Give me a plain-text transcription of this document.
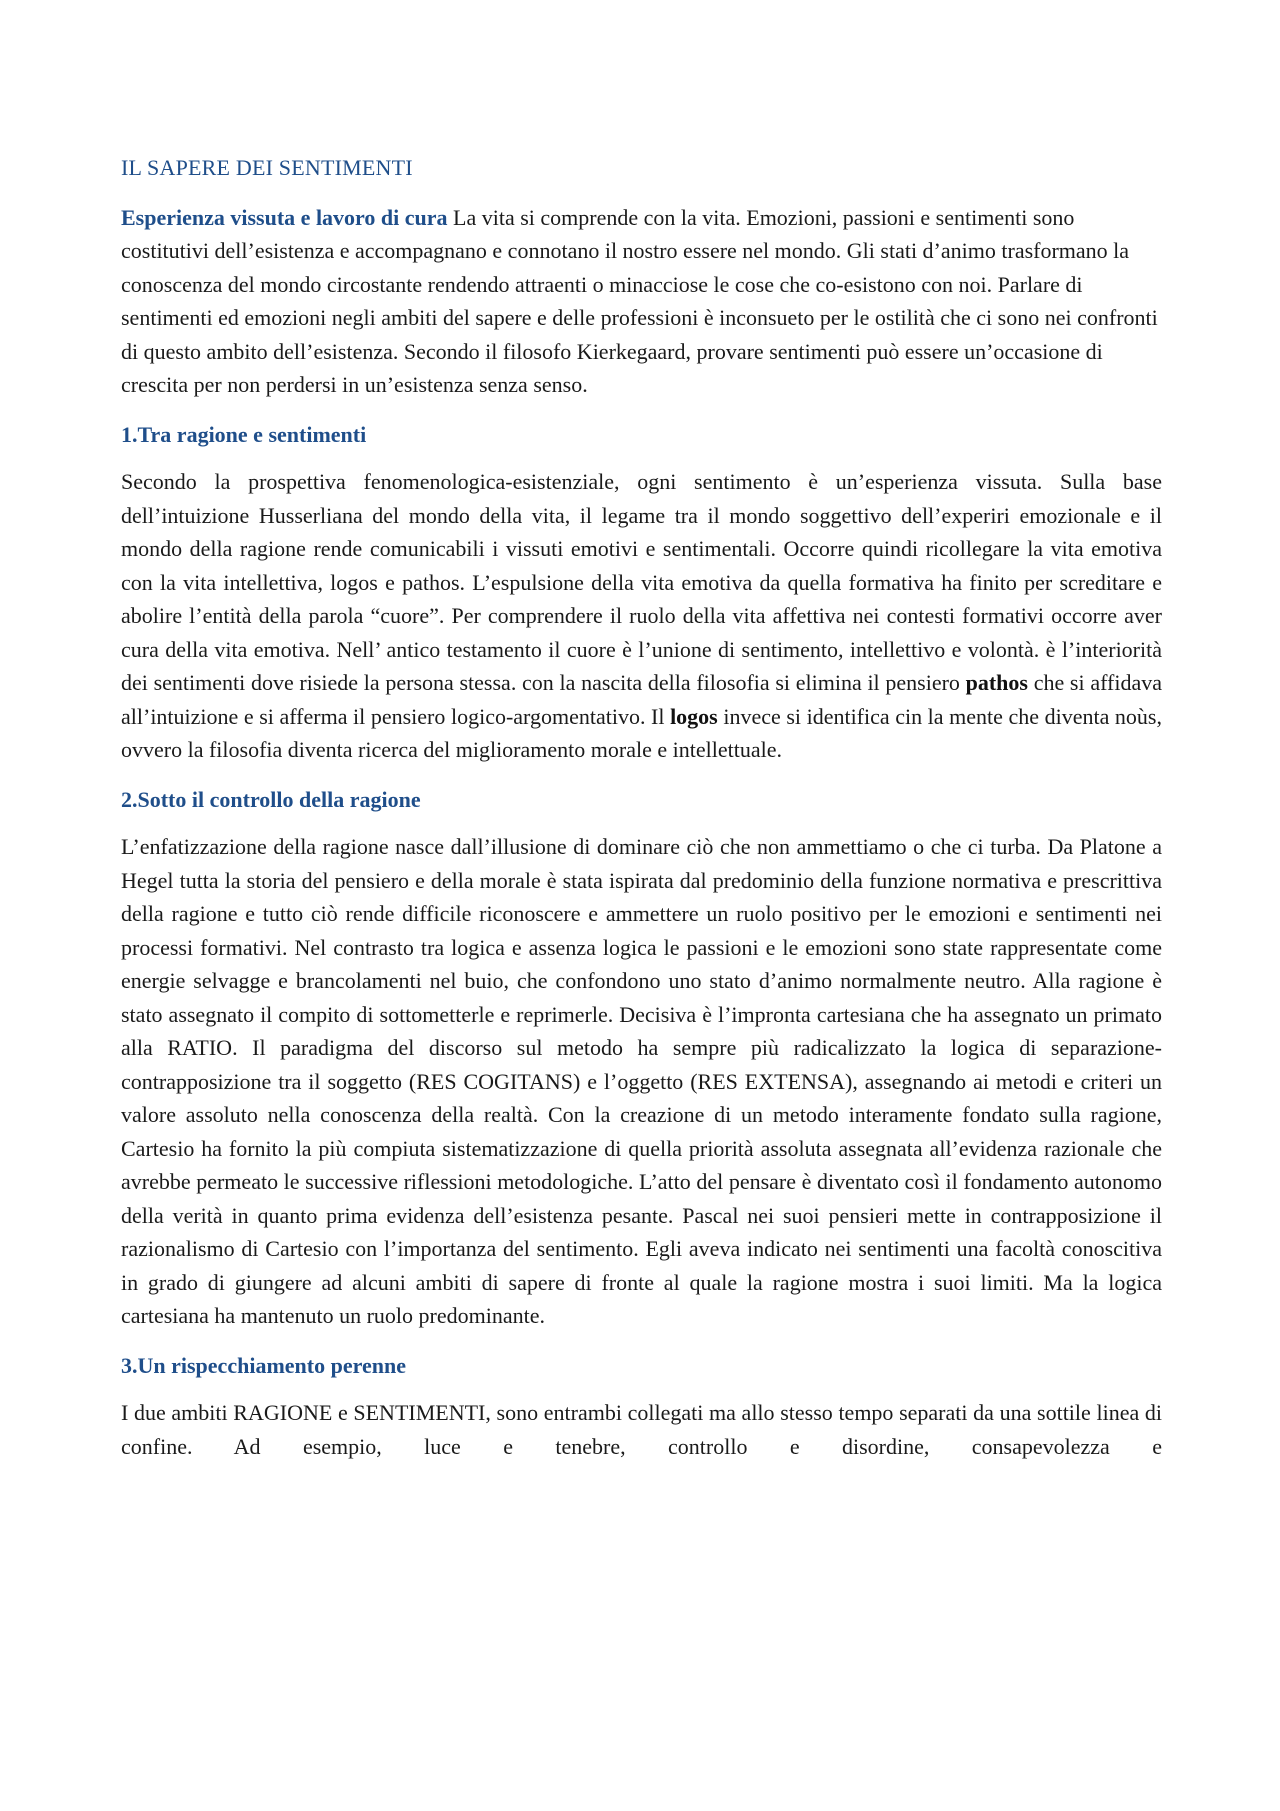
IL SAPERE DEI SENTIMENTI

Esperienza vissuta e lavoro di cura La vita si comprende con la vita. Emozioni, passioni e sentimenti sono costitutivi dell’esistenza e accompagnano e connotano il nostro essere nel mondo. Gli stati d’animo trasformano la conoscenza del mondo circostante rendendo attraenti o minacciose le cose che co-esistono con noi. Parlare di sentimenti ed emozioni negli ambiti del sapere e delle professioni è inconsueto per le ostilità che ci sono nei confronti di questo ambito dell’esistenza. Secondo il filosofo Kierkegaard, provare sentimenti può essere un’occasione di crescita per non perdersi in un’esistenza senza senso.

1.Tra ragione e sentimenti

Secondo la prospettiva fenomenologica-esistenziale, ogni sentimento è un’esperienza vissuta. Sulla base dell’intuizione Husserliana del mondo della vita, il legame tra il mondo soggettivo dell’experiri emozionale e il mondo della ragione rende comunicabili i vissuti emotivi e sentimentali. Occorre quindi ricollegare la vita emotiva con la vita intellettiva, logos e pathos. L’espulsione della vita emotiva da quella formativa ha finito per screditare e abolire l’entità della parola “cuore”. Per comprendere il ruolo della vita affettiva nei contesti formativi occorre aver cura della vita emotiva. Nell’ antico testamento il cuore è l’unione di sentimento, intellettivo e volontà. è l’interiorità dei sentimenti dove risiede la persona stessa. con la nascita della filosofia si elimina il pensiero pathos che si affidava all’intuizione e si afferma il pensiero logico-argomentativo. Il logos invece si identifica cin la mente che diventa noùs, ovvero la filosofia diventa ricerca del miglioramento morale e intellettuale.

2.Sotto il controllo della ragione

L’enfatizzazione della ragione nasce dall’illusione di dominare ciò che non ammettiamo o che ci turba. Da Platone a Hegel tutta la storia del pensiero e della morale è stata ispirata dal predominio della funzione normativa e prescrittiva della ragione e tutto ciò rende difficile riconoscere e ammettere un ruolo positivo per le emozioni e sentimenti nei processi formativi. Nel contrasto tra logica e assenza logica le passioni e le emozioni sono state rappresentate come energie selvagge e brancolamenti nel buio, che confondono uno stato d’animo normalmente neutro. Alla ragione è stato assegnato il compito di sottometterle e reprimerle. Decisiva è l’impronta cartesiana che ha assegnato un primato alla RATIO. Il paradigma del discorso sul metodo ha sempre più radicalizzato la logica di separazione-contrapposizione tra il soggetto (RES COGITANS) e l’oggetto (RES EXTENSA), assegnando ai metodi e criteri un valore assoluto nella conoscenza della realtà. Con la creazione di un metodo interamente fondato sulla ragione, Cartesio ha fornito la più compiuta sistematizzazione di quella priorità assoluta assegnata all’evidenza razionale che avrebbe permeato le successive riflessioni metodologiche. L’atto del pensare è diventato così il fondamento autonomo della verità in quanto prima evidenza dell’esistenza pesante. Pascal nei suoi pensieri mette in contrapposizione il razionalismo di Cartesio con l’importanza del sentimento. Egli aveva indicato nei sentimenti una facoltà conoscitiva in grado di giungere ad alcuni ambiti di sapere di fronte al quale la ragione mostra i suoi limiti. Ma la logica cartesiana ha mantenuto un ruolo predominante.

3.Un rispecchiamento perenne

I due ambiti RAGIONE e SENTIMENTI, sono entrambi collegati ma allo stesso tempo separati da una sottile linea di confine. Ad esempio, luce e tenebre, controllo e disordine, consapevolezza e
